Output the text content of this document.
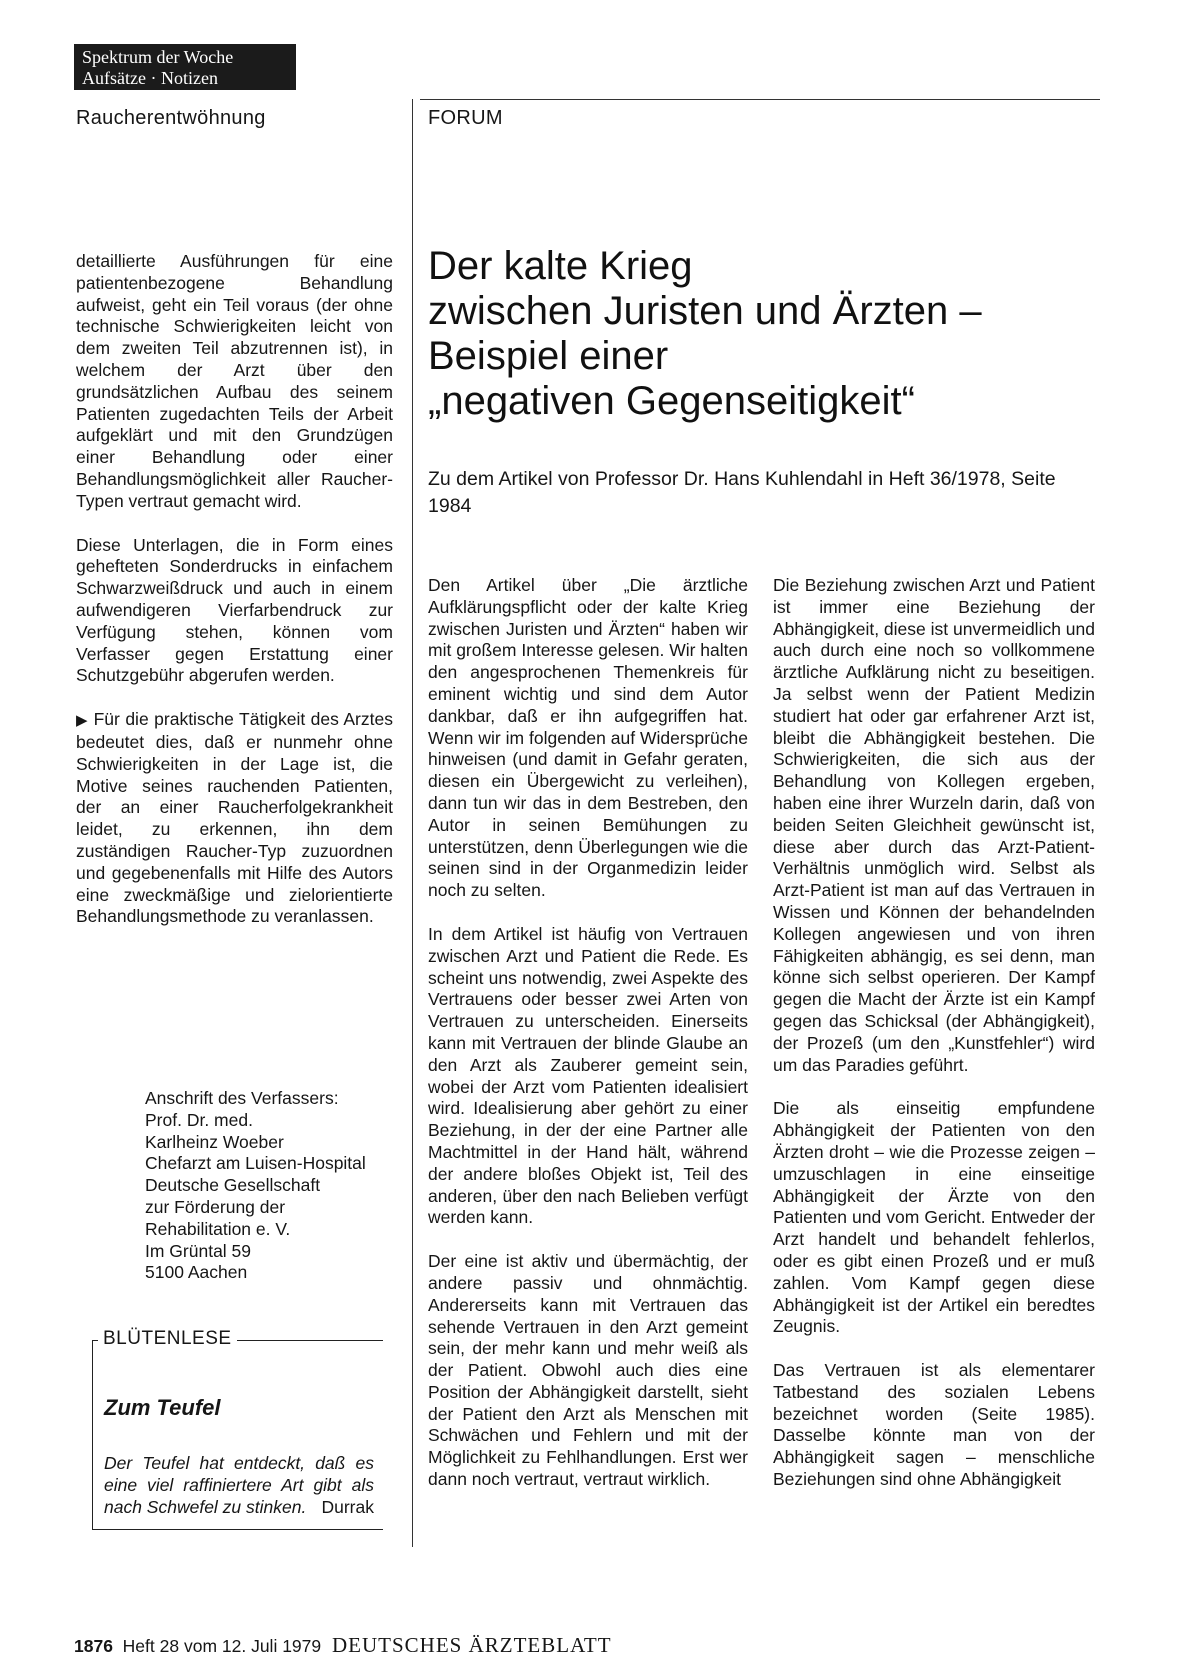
Spektrum der Woche
Aufsätze · Notizen
Raucherentwöhnung	FORUM
Der kalte Krieg
zwischen Juristen und Ärzten –
Beispiel einer
„negativen Gegenseitigkeit“
Zu dem Artikel von Professor Dr. Hans Kuhlendahl in Heft 36/1978, Seite 1984

detaillierte Ausführungen für eine patientenbezogene Behandlung aufweist, geht ein Teil voraus (der ohne technische Schwierigkeiten leicht von dem zweiten Teil abzutrennen ist), in welchem der Arzt über den grundsätzlichen Aufbau des seinem Patienten zugedachten Teils der Arbeit aufgeklärt und mit den Grundzügen einer Behandlung oder einer Behandlungsmöglichkeit aller Raucher-Typen vertraut gemacht wird.

Diese Unterlagen, die in Form eines gehefteten Sonderdrucks in einfachem Schwarzweißdruck und auch in einem aufwendigeren Vierfarbendruck zur Verfügung stehen, können vom Verfasser gegen Erstattung einer Schutzgebühr abgerufen werden.

▶ Für die praktische Tätigkeit des Arztes bedeutet dies, daß er nunmehr ohne Schwierigkeiten in der Lage ist, die Motive seines rauchenden Patienten, der an einer Raucherfolgekrankheit leidet, zu erkennen, ihn dem zuständigen Raucher-Typ zuzuordnen und gegebenenfalls mit Hilfe des Autors eine zweckmäßige und zielorientierte Behandlungsmethode zu veranlassen.

Anschrift des Verfassers:
Prof. Dr. med.
Karlheinz Woeber
Chefarzt am Luisen-Hospital
Deutsche Gesellschaft
zur Förderung der
Rehabilitation e. V.
Im Grüntal 59
5100 Aachen
BLÜTENLESE
Zum Teufel
Der Teufel hat entdeckt, daß es eine viel raffiniertere Art gibt als nach Schwefel zu stinken. Durrak

Den Artikel über „Die ärztliche Aufklärungspflicht oder der kalte Krieg zwischen Juristen und Ärzten“ haben wir mit großem Interesse gelesen. Wir halten den angesprochenen Themenkreis für eminent wichtig und sind dem Autor dankbar, daß er ihn aufgegriffen hat. Wenn wir im folgenden auf Widersprüche hinweisen (und damit in Gefahr geraten, diesen ein Übergewicht zu verleihen), dann tun wir das in dem Bestreben, den Autor in seinen Bemühungen zu unterstützen, denn Überlegungen wie die seinen sind in der Organmedizin leider noch zu selten.

In dem Artikel ist häufig von Vertrauen zwischen Arzt und Patient die Rede. Es scheint uns notwendig, zwei Aspekte des Vertrauens oder besser zwei Arten von Vertrauen zu unterscheiden. Einerseits kann mit Vertrauen der blinde Glaube an den Arzt als Zauberer gemeint sein, wobei der Arzt vom Patienten idealisiert wird. Idealisierung aber gehört zu einer Beziehung, in der der eine Partner alle Machtmittel in der Hand hält, während der andere bloßes Objekt ist, Teil des anderen, über den nach Belieben verfügt werden kann.

Der eine ist aktiv und übermächtig, der andere passiv und ohnmächtig. Andererseits kann mit Vertrauen das sehende Vertrauen in den Arzt gemeint sein, der mehr kann und mehr weiß als der Patient. Obwohl auch dies eine Position der Abhängigkeit darstellt, sieht der Patient den Arzt als Menschen mit Schwächen und Fehlern und mit der Möglichkeit zu Fehlhandlungen. Erst wer dann noch vertraut, vertraut wirklich.

Die Beziehung zwischen Arzt und Patient ist immer eine Beziehung der Abhängigkeit, diese ist unvermeidlich und auch durch eine noch so vollkommene ärztliche Aufklärung nicht zu beseitigen. Ja selbst wenn der Patient Medizin studiert hat oder gar erfahrener Arzt ist, bleibt die Abhängigkeit bestehen. Die Schwierigkeiten, die sich aus der Behandlung von Kollegen ergeben, haben eine ihrer Wurzeln darin, daß von beiden Seiten Gleichheit gewünscht ist, diese aber durch das Arzt-Patient-Verhältnis unmöglich wird. Selbst als Arzt-Patient ist man auf das Vertrauen in Wissen und Können der behandelnden Kollegen angewiesen und von ihren Fähigkeiten abhängig, es sei denn, man könne sich selbst operieren. Der Kampf gegen die Macht der Ärzte ist ein Kampf gegen das Schicksal (der Abhängigkeit), der Prozeß (um den „Kunstfehler“) wird um das Paradies geführt.

Die als einseitig empfundene Abhängigkeit der Patienten von den Ärzten droht – wie die Prozesse zeigen – umzuschlagen in eine einseitige Abhängigkeit der Ärzte von den Patienten und vom Gericht. Entweder der Arzt handelt und behandelt fehlerlos, oder es gibt einen Prozeß und er muß zahlen. Vom Kampf gegen diese Abhängigkeit ist der Artikel ein beredtes Zeugnis.

Das Vertrauen ist als elementarer Tatbestand des sozialen Lebens bezeichnet worden (Seite 1985). Dasselbe könnte man von der Abhängigkeit sagen – menschliche Beziehungen sind ohne Abhängigkeit

1876 Heft 28 vom 12. Juli 1979 DEUTSCHES ÄRZTEBLATT
